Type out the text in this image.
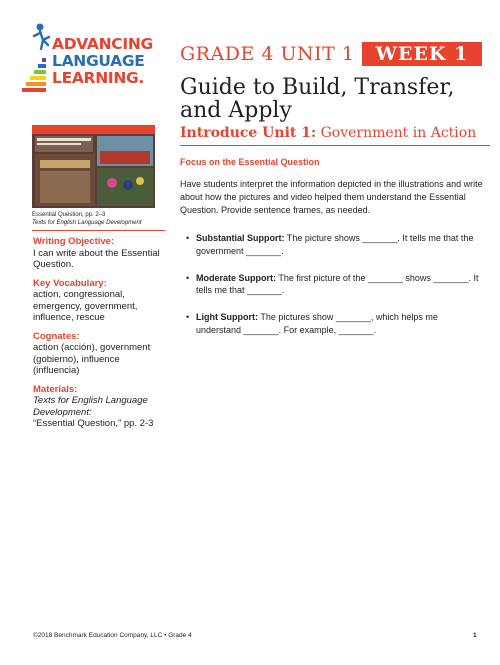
ADVANCING
LANGUAGE
LEARNING.
GRADE 4 UNIT 1	WEEK 1
Guide to Build, Transfer, and Apply
Introduce Unit 1: Government in Action
Essential Question, pp. 2–3
Texts for English Language Development
Writing Objective:
I can write about the Essential Question.
Key Vocabulary:
action, congressional, emergency, government, influence, rescue
Cognates:
action (acción), government (gobierno), influence (influencia)
Materials:
Texts for English Language Development:
“Essential Question,” pp. 2-3
Focus on the Essential Question
Have students interpret the information depicted in the illustrations and write about how the pictures and video helped them understand the Essential Question. Provide sentence frames, as needed.
• Substantial Support: The picture shows _______. It tells me that the government _______.
• Moderate Support: The first picture of the _______ shows _______. It tells me that _______.
• Light Support: The pictures show _______, which helps me understand _______. For example, _______.
©2018 Benchmark Education Company, LLC • Grade 4	1
